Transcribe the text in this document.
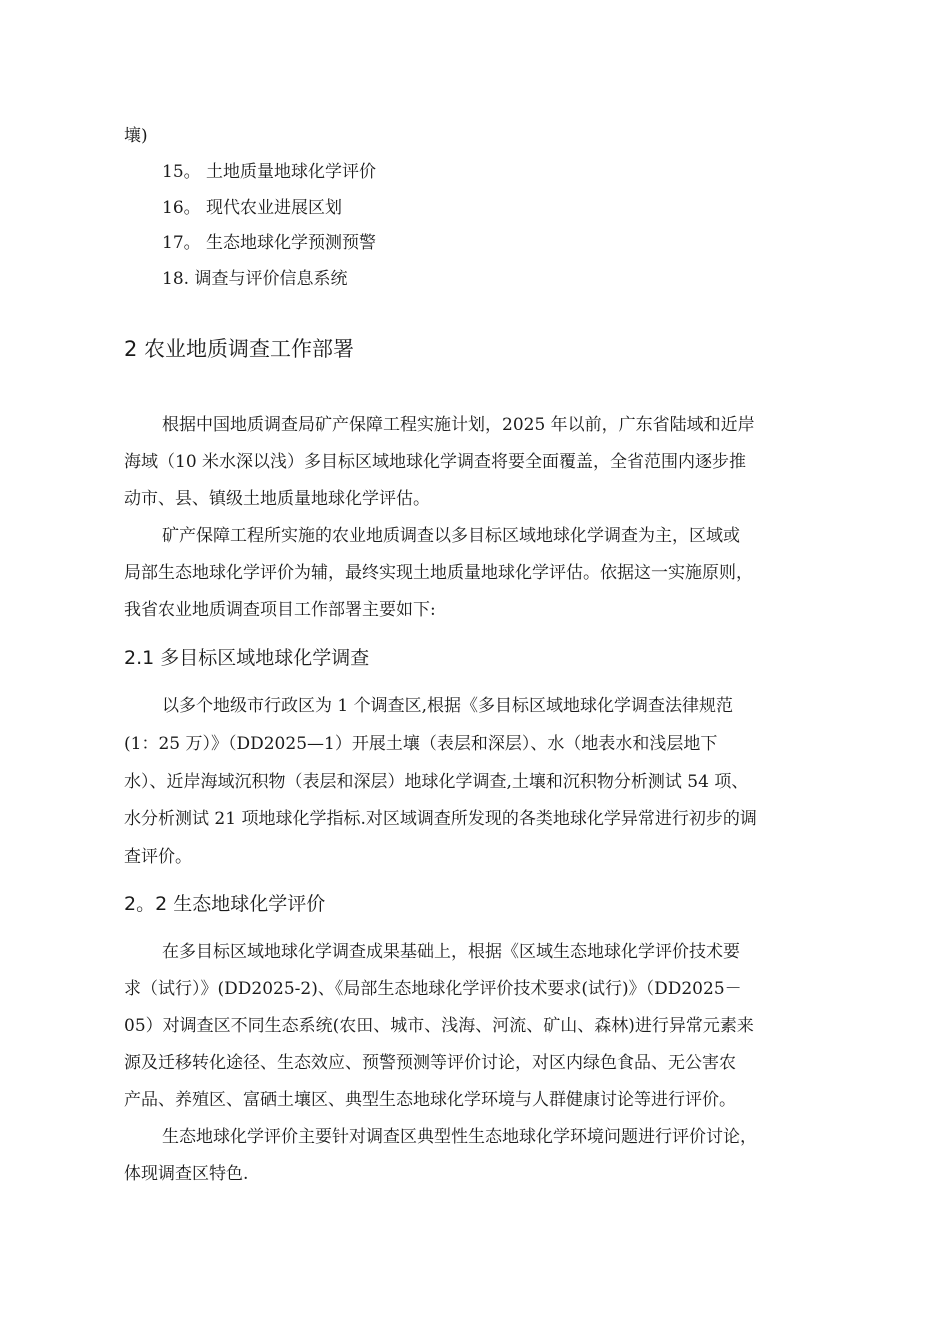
壤)
15。 土地质量地球化学评价
16。 现代农业进展区划
17。 生态地球化学预测预警
18. 调查与评价信息系统
2 农业地质调查工作部署
根据中国地质调查局矿产保障工程实施计划，2025 年以前，广东省陆域和近岸
海域（10 米水深以浅）多目标区域地球化学调查将要全面覆盖，全省范围内逐步推
动市、县、镇级土地质量地球化学评估。
矿产保障工程所实施的农业地质调查以多目标区域地球化学调查为主，区域或
局部生态地球化学评价为辅，最终实现土地质量地球化学评估。依据这一实施原则，
我省农业地质调查项目工作部署主要如下:
2.1 多目标区域地球化学调查
以多个地级市行政区为 1 个调查区,根据《多目标区域地球化学调查法律规范
(1：25 万）》（DD2025—1）开展土壤（表层和深层）、水（地表水和浅层地下
水）、近岸海域沉积物（表层和深层）地球化学调查,土壤和沉积物分析测试 54 项、
水分析测试 21 项地球化学指标.对区域调查所发现的各类地球化学异常进行初步的调
查评价。
2。2 生态地球化学评价
在多目标区域地球化学调查成果基础上，根据《区域生态地球化学评价技术要
求（试行）》(DD2025-2)、《局部生态地球化学评价技术要求(试行)》（DD2025－
05）对调查区不同生态系统(农田、城市、浅海、河流、矿山、森林)进行异常元素来
源及迁移转化途径、生态效应、预警预测等评价讨论，对区内绿色食品、无公害农
产品、养殖区、富硒土壤区、典型生态地球化学环境与人群健康讨论等进行评价。
生态地球化学评价主要针对调查区典型性生态地球化学环境问题进行评价讨论，
体现调查区特色.
